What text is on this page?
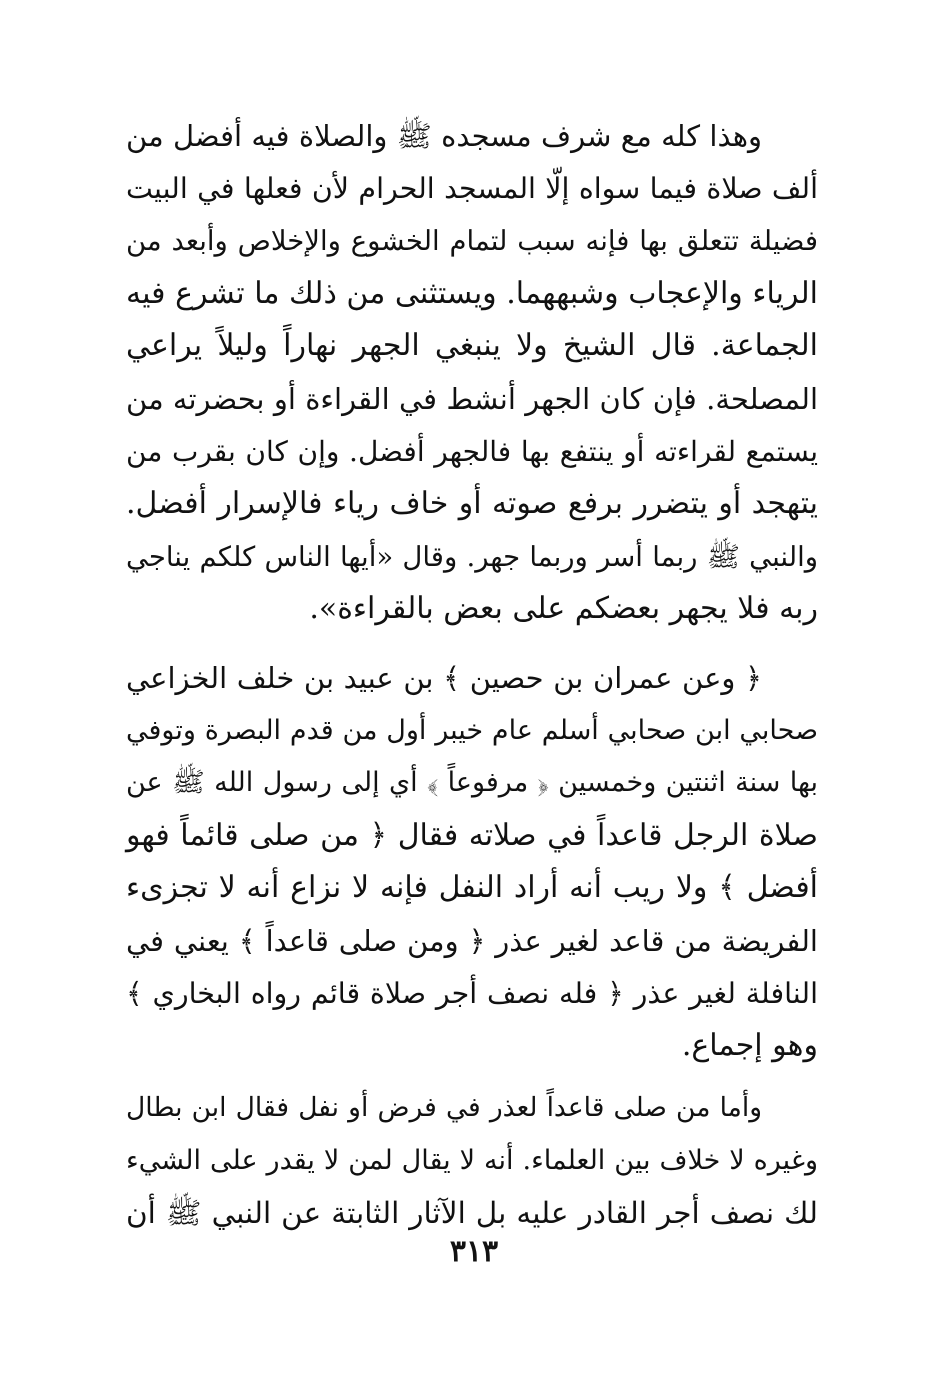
وهذا كله مع شرف مسجده ﷺ والصلاة فيه أفضل من
ألف صلاة فيما سواه إلّا المسجد الحرام لأن فعلها في البيت
فضيلة تتعلق بها فإنه سبب لتمام الخشوع والإخلاص وأبعد من
الرياء والإعجاب وشبههما. ويستثنى من ذلك ما تشرع فيه
الجماعة. قال الشيخ ولا ينبغي الجهر نهاراً وليلاً يراعي
المصلحة. فإن كان الجهر أنشط في القراءة أو بحضرته من
يستمع لقراءته أو ينتفع بها فالجهر أفضل. وإن كان بقرب من
يتهجد أو يتضرر برفع صوته أو خاف رياء فالإسرار أفضل.
والنبي ﷺ ربما أسر وربما جهر. وقال «أيها الناس كلكم يناجي
ربه فلا يجهر بعضكم على بعض بالقراءة».
﴿ وعن عمران بن حصين ﴾ بن عبيد بن خلف الخزاعي
صحابي ابن صحابي أسلم عام خيبر أول من قدم البصرة وتوفي
بها سنة اثنتين وخمسين ﴿ مرفوعاً ﴾ أي إلى رسول الله ﷺ عن
صلاة الرجل قاعداً في صلاته فقال ﴿ من صلى قائماً فهو
أفضل ﴾ ولا ريب أنه أراد النفل فإنه لا نزاع أنه لا تجزىء
الفريضة من قاعد لغير عذر ﴿ ومن صلى قاعداً ﴾ يعني في
النافلة لغير عذر ﴿ فله نصف أجر صلاة قائم رواه البخاري ﴾
وهو إجماع.
وأما من صلى قاعداً لعذر في فرض أو نفل فقال ابن بطال
وغيره لا خلاف بين العلماء. أنه لا يقال لمن لا يقدر على الشيء
لك نصف أجر القادر عليه بل الآثار الثابتة عن النبي ﷺ أن
٣١٣
